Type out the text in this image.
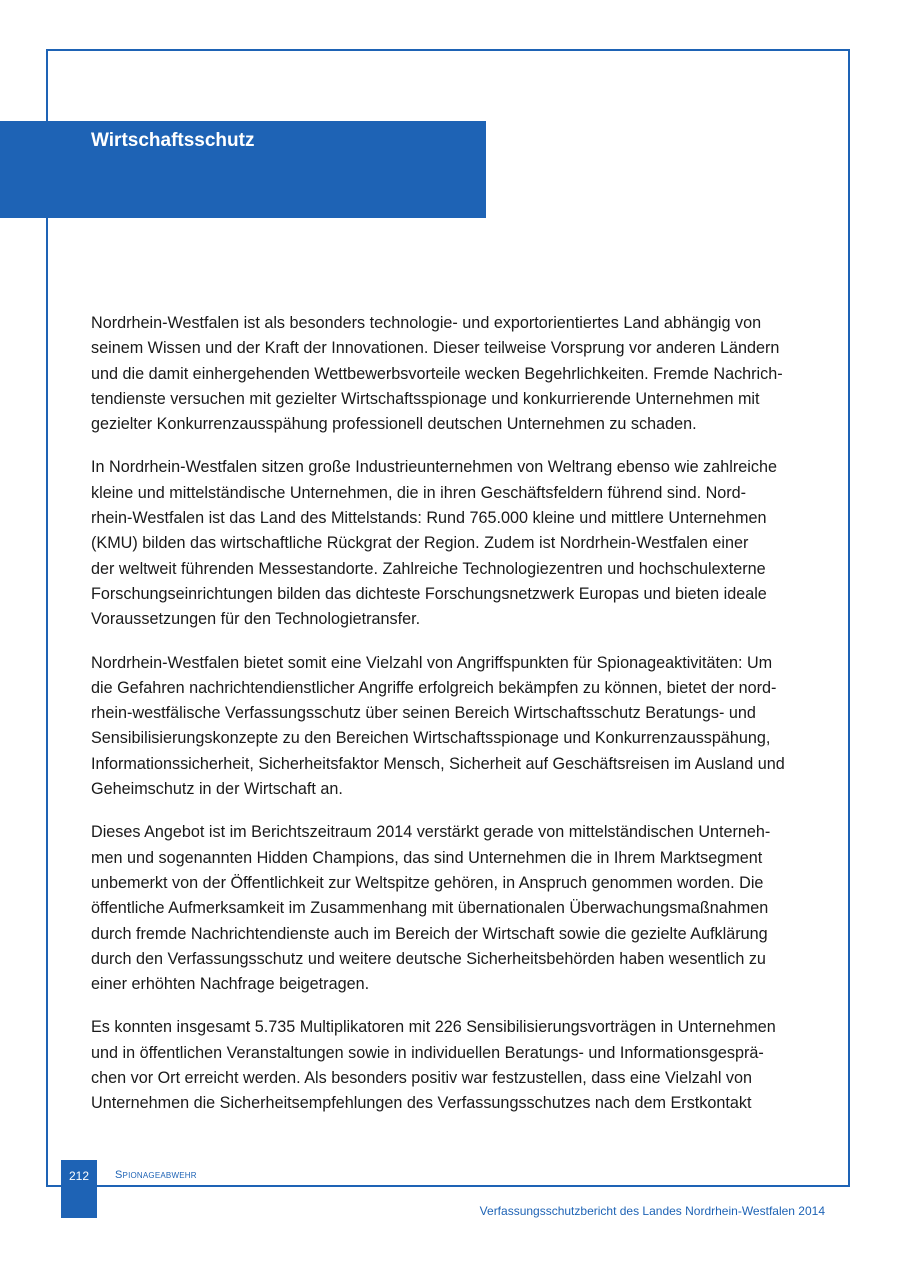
Wirtschaftsschutz

Nordrhein-Westfalen ist als besonders technologie- und exportorientiertes Land abhängig von
seinem Wissen und der Kraft der Innovationen. Dieser teilweise Vorsprung vor anderen Ländern
und die damit einhergehenden Wettbewerbsvorteile wecken Begehrlichkeiten. Fremde Nachrich-
tendienste versuchen mit gezielter Wirtschaftsspionage und konkurrierende Unternehmen mit
gezielter Konkurrenzausspähung professionell deutschen Unternehmen zu schaden.

In Nordrhein-Westfalen sitzen große Industrieunternehmen von Weltrang ebenso wie zahlreiche
kleine und mittelständische Unternehmen, die in ihren Geschäftsfeldern führend sind. Nord-
rhein-Westfalen ist das Land des Mittelstands: Rund 765.000 kleine und mittlere Unternehmen
(KMU) bilden das wirtschaftliche Rückgrat der Region. Zudem ist Nordrhein-Westfalen einer
der weltweit führenden Messestandorte. Zahlreiche Technologiezentren und hochschulexterne
Forschungseinrichtungen bilden das dichteste Forschungsnetzwerk Europas und bieten ideale
Voraussetzungen für den Technologietransfer.

Nordrhein-Westfalen bietet somit eine Vielzahl von Angriffspunkten für Spionageaktivitäten: Um
die Gefahren nachrichtendienstlicher Angriffe erfolgreich bekämpfen zu können, bietet der nord-
rhein-westfälische Verfassungsschutz über seinen Bereich Wirtschaftsschutz Beratungs- und
Sensibilisierungskonzepte zu den Bereichen Wirtschaftsspionage und Konkurrenzausspähung,
Informationssicherheit, Sicherheitsfaktor Mensch, Sicherheit auf Geschäftsreisen im Ausland und
Geheimschutz in der Wirtschaft an.

Dieses Angebot ist im Berichtszeitraum 2014 verstärkt gerade von mittelständischen Unterneh-
men und sogenannten Hidden Champions, das sind Unternehmen die in Ihrem Marktsegment
unbemerkt von der Öffentlichkeit zur Weltspitze gehören, in Anspruch genommen worden. Die
öffentliche Aufmerksamkeit im Zusammenhang mit übernationalen Überwachungsmaßnahmen
durch fremde Nachrichtendienste auch im Bereich der Wirtschaft sowie die gezielte Aufklärung
durch den Verfassungsschutz und weitere deutsche Sicherheitsbehörden haben wesentlich zu
einer erhöhten Nachfrage beigetragen.

Es konnten insgesamt 5.735 Multiplikatoren mit 226 Sensibilisierungsvorträgen in Unternehmen
und in öffentlichen Veranstaltungen sowie in individuellen Beratungs- und Informationsgesprä-
chen vor Ort erreicht werden. Als besonders positiv war festzustellen, dass eine Vielzahl von
Unternehmen die Sicherheitsempfehlungen des Verfassungsschutzes nach dem Erstkontakt

212	Spionageabwehr
Verfassungsschutzbericht des Landes Nordrhein-Westfalen 2014
